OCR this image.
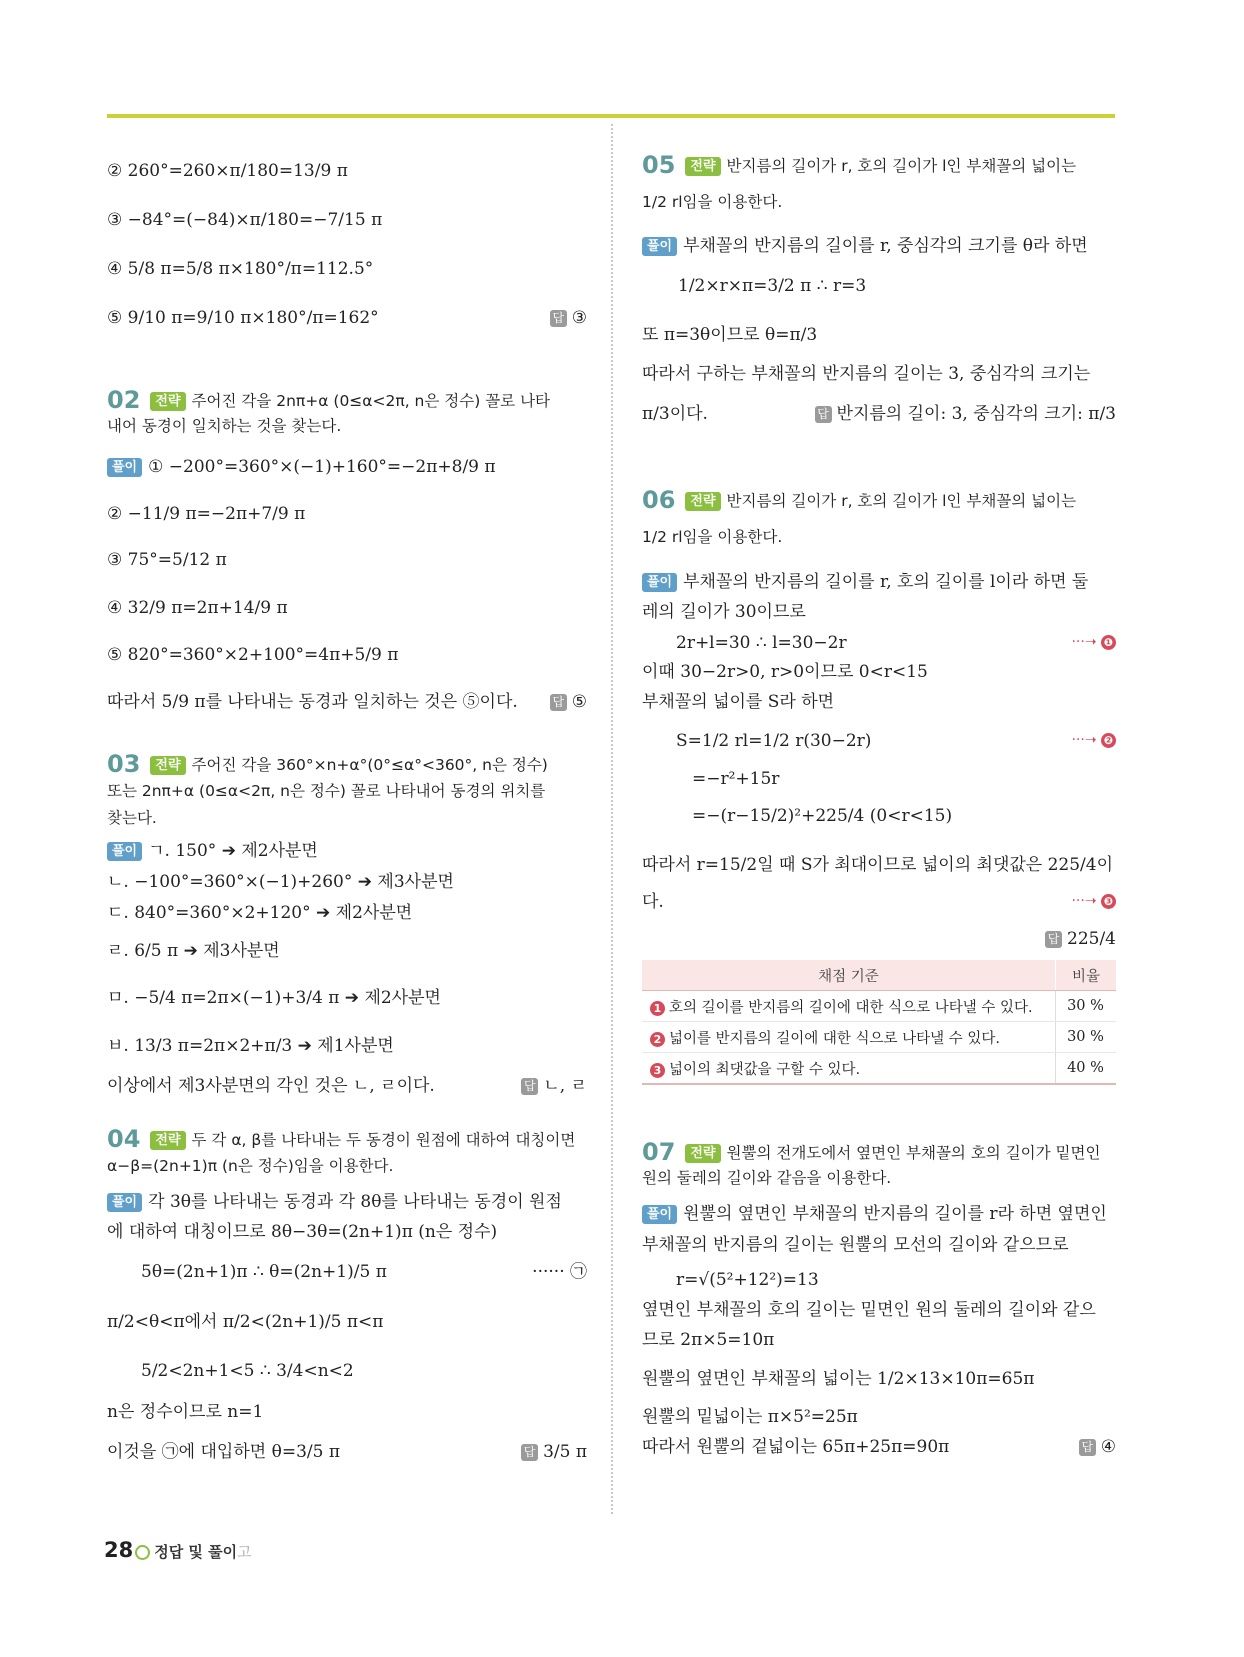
② 260°=260×π/180=13/9 π
③ −84°=(−84)×π/180=−7/15 π
④ 5/8 π=5/8 π×180°/π=112.5°
⑤ 9/10 π=9/10 π×180°/π=162°	답 ③
02 전략 주어진 각을 2nπ+α (0≤α<2π, n은 정수) 꼴로 나타
내어 동경이 일치하는 것을 찾는다.
풀이 ① −200°=360°×(−1)+160°=−2π+8/9 π
② −11/9 π=−2π+7/9 π
③ 75°=5/12 π
④ 32/9 π=2π+14/9 π
⑤ 820°=360°×2+100°=4π+5/9 π
따라서 5/9 π를 나타내는 동경과 일치하는 것은 ⑤이다.	답 ⑤
03 전략 주어진 각을 360°×n+α°(0°≤α°<360°, n은 정수)
또는 2nπ+α (0≤α<2π, n은 정수) 꼴로 나타내어 동경의 위치를
찾는다.
풀이 ㄱ. 150° ➔ 제2사분면
ㄴ. −100°=360°×(−1)+260° ➔ 제3사분면
ㄷ. 840°=360°×2+120° ➔ 제2사분면
ㄹ. 6/5 π ➔ 제3사분면
ㅁ. −5/4 π=2π×(−1)+3/4 π ➔ 제2사분면
ㅂ. 13/3 π=2π×2+π/3 ➔ 제1사분면
이상에서 제3사분면의 각인 것은 ㄴ, ㄹ이다.	답 ㄴ, ㄹ
04 전략 두 각 α, β를 나타내는 두 동경이 원점에 대하여 대칭이면
α−β=(2n+1)π (n은 정수)임을 이용한다.
풀이 각 3θ를 나타내는 동경과 각 8θ를 나타내는 동경이 원점
에 대하여 대칭이므로 8θ−3θ=(2n+1)π (n은 정수)
5θ=(2n+1)π ∴ θ=(2n+1)/5 π	······ ㉠
π/2<θ<π에서 π/2<(2n+1)/5 π<π
5/2<2n+1<5 ∴ 3/4<n<2
n은 정수이므로 n=1
이것을 ㉠에 대입하면 θ=3/5 π	답 3/5 π
05 전략 반지름의 길이가 r, 호의 길이가 l인 부채꼴의 넓이는
1/2 rl임을 이용한다.
풀이 부채꼴의 반지름의 길이를 r, 중심각의 크기를 θ라 하면
1/2×r×π=3/2 π ∴ r=3
또 π=3θ이므로 θ=π/3
따라서 구하는 부채꼴의 반지름의 길이는 3, 중심각의 크기는
π/3이다.	답 반지름의 길이: 3, 중심각의 크기: π/3
06 전략 반지름의 길이가 r, 호의 길이가 l인 부채꼴의 넓이는
1/2 rl임을 이용한다.
풀이 부채꼴의 반지름의 길이를 r, 호의 길이를 l이라 하면 둘
레의 길이가 30이므로
2r+l=30 ∴ l=30−2r	···➝ ❶
이때 30−2r>0, r>0이므로 0<r<15
부채꼴의 넓이를 S라 하면
S=1/2 rl=1/2 r(30−2r)	···➝ ❷
=−r²+15r
=−(r−15/2)²+225/4 (0<r<15)
따라서 r=15/2일 때 S가 최대이므로 넓이의 최댓값은 225/4이
다.	···➝ ❸
답 225/4
채점 기준	비율
1 호의 길이를 반지름의 길이에 대한 식으로 나타낼 수 있다.	30 %
2 넓이를 반지름의 길이에 대한 식으로 나타낼 수 있다.	30 %
3 넓이의 최댓값을 구할 수 있다.	40 %
07 전략 원뿔의 전개도에서 옆면인 부채꼴의 호의 길이가 밑면인
원의 둘레의 길이와 같음을 이용한다.
풀이 원뿔의 옆면인 부채꼴의 반지름의 길이를 r라 하면 옆면인
부채꼴의 반지름의 길이는 원뿔의 모선의 길이와 같으므로
r=√(5²+12²)=13
옆면인 부채꼴의 호의 길이는 밑면인 원의 둘레의 길이와 같으
므로 2π×5=10π
원뿔의 옆면인 부채꼴의 넓이는 1/2×13×10π=65π
원뿔의 밑넓이는 π×5²=25π
따라서 원뿔의 겉넓이는 65π+25π=90π	답 ④
28 정답 및 풀이고
